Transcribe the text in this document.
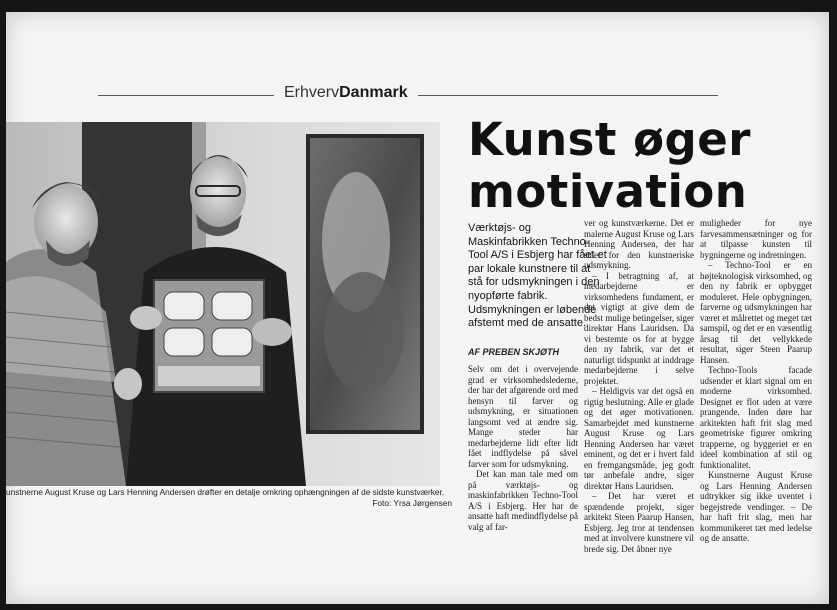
ErhvervDanmark
Kunst øger
motivation
unstnerne August Kruse og Lars Henning Andersen drøfter en detalje omkring ophængningen af de sidste kunstværker.
Foto: Yrsa Jørgensen
Værktøjs- og Maskinfabrikken Techno-Tool A/S i Esbjerg har fået et par lokale kunstnere til at stå for udsmykningen i den nyopførte fabrik. Udsmykningen er løbende afstemt med de ansatte.
AF PREBEN SKJØTH

Selv om det i overvejende grad er virksomhedslederne, der har det afgørende ord med hensyn til farver og udsmykning, er situationen langsomt ved at ændre sig. Mange steder har medarbejderne lidt efter lidt fået indflydelse på såvel farver som for udsmykning.

Det kan man tale med om på værktøjs- og maskinfabrikken Techno-Tool A/S i Esbjerg. Her har de ansatte haft medindflydelse på valg af far-

ver og kunstværkerne. Det er malerne August Kruse og Lars Henning Andersen, der har stået for den kunstneriske udsmykning.

– I betragtning af, at medarbejderne er virksomhedens fundament, er det vigtigt at give dem de bedst mulige betingelser, siger direktør Hans Lauridsen. Da vi bestemte os for at bygge den ny fabrik, var det et naturligt tidspunkt at inddrage medarbejderne i selve projektet.

– Heldigvis var det også en rigtig beslutning. Alle er glade og det øger motivationen. Samarbejdet med kunstnerne August Kruse og Lars Henning Andersen har været eminent, og det er i hvert fald en fremgangsmåde, jeg godt tør anbefale andre, siger direktør Hans Lauridsen.

– Det har været et spændende projekt, siger arkitekt Steen Paarup Hansen, Esbjerg. Jeg tror at tendensen med at involvere kunstnere vil brede sig. Det åbner nye

muligheder for nye farvesammensætninger og for at tilpasse kunsten til bygningerne og indretningen.

– Techno-Tool er en højteknologisk virksomhed, og den ny fabrik er opbygget moduleret. Hele opbygningen, farverne og udsmykningen har været et målrettet og meget tæt samspil, og det er en væsentlig årsag til det vellykkede resultat, siger Steen Paarup Hansen.

Techno-Tools facade udsender et klart signal om en moderne virksomhed. Designet er flot uden at være prangende. Inden døre har arkitekten haft frit slag med geometriske figurer omkring trapperne, og byggeriet er en ideel kombination af stil og funktionalitet.

Kunstnerne August Kruse og Lars Henning Andersen udtrykker sig ikke uventet i begejstrede vendinger. – De har haft frit slag, men har kommunikeret tæt med ledelse og de ansatte.
